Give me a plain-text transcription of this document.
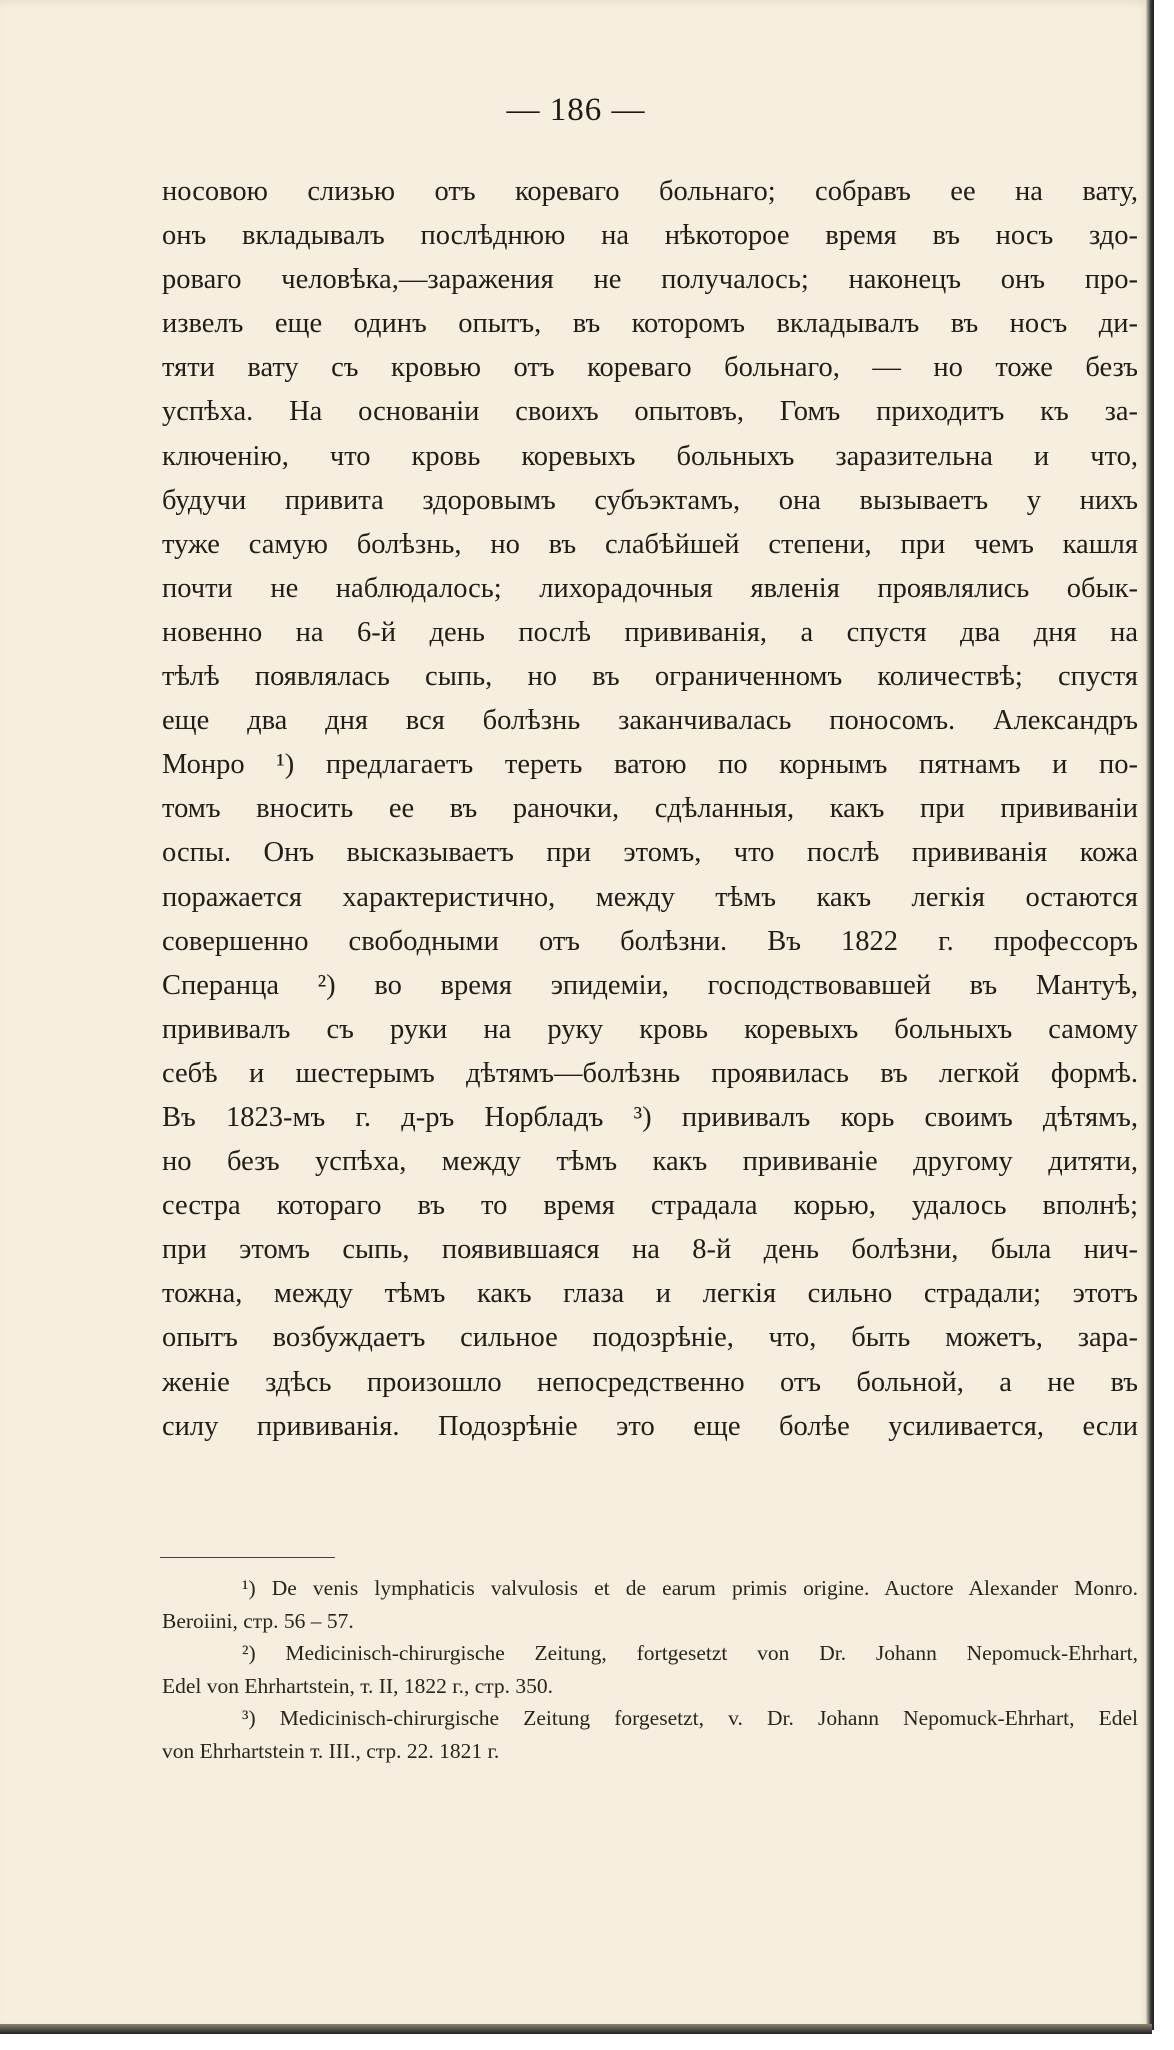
— 186 —
носовою слизью отъ кореваго больнаго; собравъ ее на вату,
онъ вкладывалъ послѣднюю на нѣкоторое время въ носъ здо-
роваго человѣка,—заражения не получалось; наконецъ онъ про-
извелъ еще одинъ опытъ, въ которомъ вкладывалъ въ носъ ди-
тяти вату съ кровью отъ кореваго больнаго, — но тоже безъ
успѣха. На основаніи своихъ опытовъ, Гомъ приходитъ къ за-
ключенію, что кровь коревыхъ больныхъ заразительна и что,
будучи привита здоровымъ субъэктамъ, она вызываетъ у нихъ
туже самую болѣзнь, но въ слабѣйшей степени, при чемъ кашля
почти не наблюдалось; лихорадочныя явленія проявлялись обык-
новенно на 6-й день послѣ прививанія, а спустя два дня на
тѣлѣ появлялась сыпь, но въ ограниченномъ количествѣ; спустя
еще два дня вся болѣзнь заканчивалась поносомъ. Александръ
Монро ¹) предлагаетъ тереть ватою по корнымъ пятнамъ и по-
томъ вносить ее въ раночки, сдѣланныя, какъ при прививаніи
оспы. Онъ высказываетъ при этомъ, что послѣ прививанія кожа
поражается характеристично, между тѣмъ какъ легкія остаются
совершенно свободными отъ болѣзни. Въ 1822 г. профессоръ
Сперанца ²) во время эпидеміи, господствовавшей въ Мантуѣ,
прививалъ съ руки на руку кровь коревыхъ больныхъ самому
себѣ и шестерымъ дѣтямъ—болѣзнь проявилась въ легкой формѣ.
Въ 1823-мъ г. д-ръ Норбладъ ³) прививалъ корь своимъ дѣтямъ,
но безъ успѣха, между тѣмъ какъ прививаніе другому дитяти,
сестра котораго въ то время страдала корью, удалось вполнѣ;
при этомъ сыпь, появившаяся на 8-й день болѣзни, была нич-
тожна, между тѣмъ какъ глаза и легкія сильно страдали; этотъ
опытъ возбуждаетъ сильное подозрѣніе, что, быть можетъ, зара-
женіе здѣсь произошло непосредственно отъ больной, а не въ
силу прививанія. Подозрѣніе это еще болѣе усиливается, если
¹) De venis lymphaticis valvulosis et de earum primis origine. Auctore Alexander Monro.
Beroiini, стр. 56 – 57.
²) Medicinisch-chirurgische Zeitung, fortgesetzt von Dr. Johann Nepomuck-Ehrhart,
Edel von Ehrhartstein, т. II, 1822 г., стр. 350.
³) Medicinisch-chirurgische Zeitung forgesetzt, v. Dr. Johann Nepomuck-Ehrhart, Edel
von Ehrhartstein т. III., стр. 22. 1821 г.
